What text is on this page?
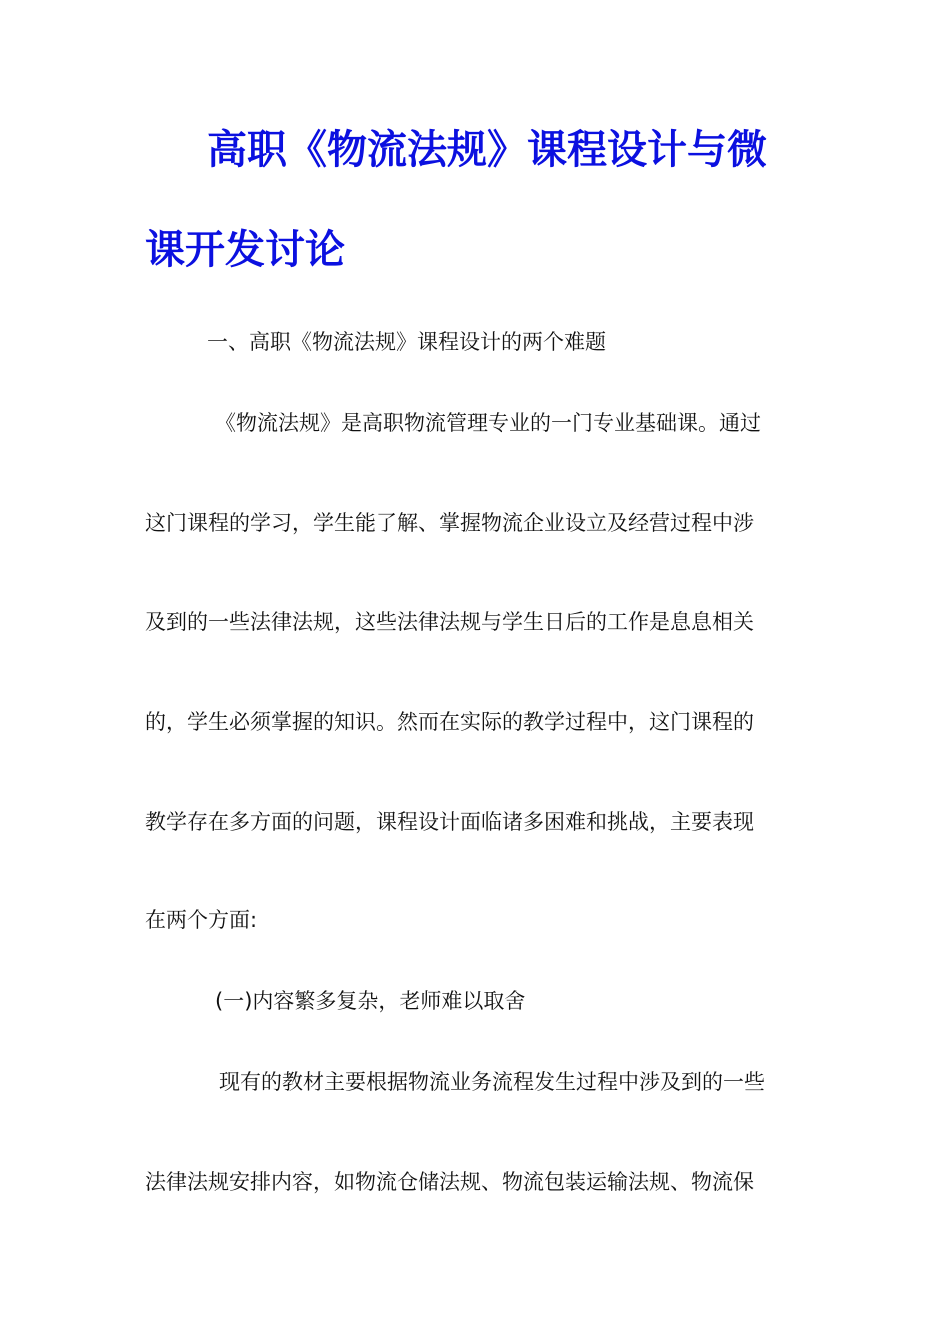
高职《物流法规》课程设计与微
课开发讨论

一、高职《物流法规》课程设计的两个难题

《物流法规》是高职物流管理专业的一门专业基础课。通过

这门课程的学习，学生能了解、掌握物流企业设立及经营过程中涉

及到的一些法律法规，这些法律法规与学生日后的工作是息息相关

的，学生必须掌握的知识。然而在实际的教学过程中，这门课程的

教学存在多方面的问题，课程设计面临诸多困难和挑战，主要表现

在两个方面:

(一)内容繁多复杂，老师难以取舍

现有的教材主要根据物流业务流程发生过程中涉及到的一些

法律法规安排内容，如物流仓储法规、物流包装运输法规、物流保
